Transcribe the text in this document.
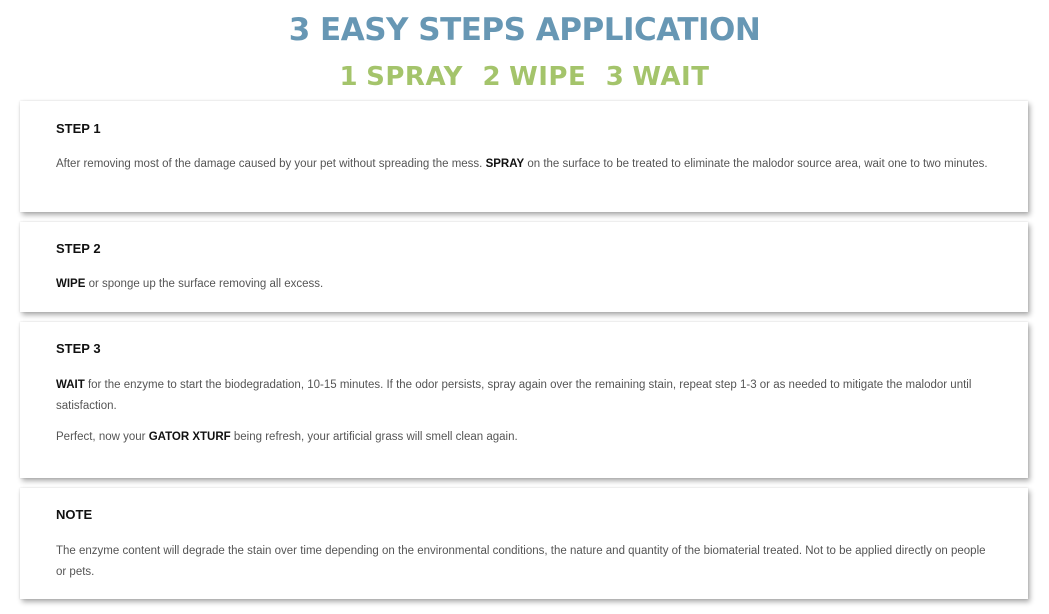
3 EASY STEPS APPLICATION
1 SPRAY 2 WIPE 3 WAIT

STEP 1

After removing most of the damage caused by your pet without spreading the mess. SPRAY on the surface to be treated to eliminate the malodor source area, wait one to two minutes.

STEP 2

WIPE or sponge up the surface removing all excess.

STEP 3

WAIT for the enzyme to start the biodegradation, 10-15 minutes. If the odor persists, spray again over the remaining stain, repeat step 1-3 or as needed to mitigate the malodor until satisfaction.

Perfect, now your GATOR XTURF being refresh, your artificial grass will smell clean again.

NOTE

The enzyme content will degrade the stain over time depending on the environmental conditions, the nature and quantity of the biomaterial treated. Not to be applied directly on people or pets.
